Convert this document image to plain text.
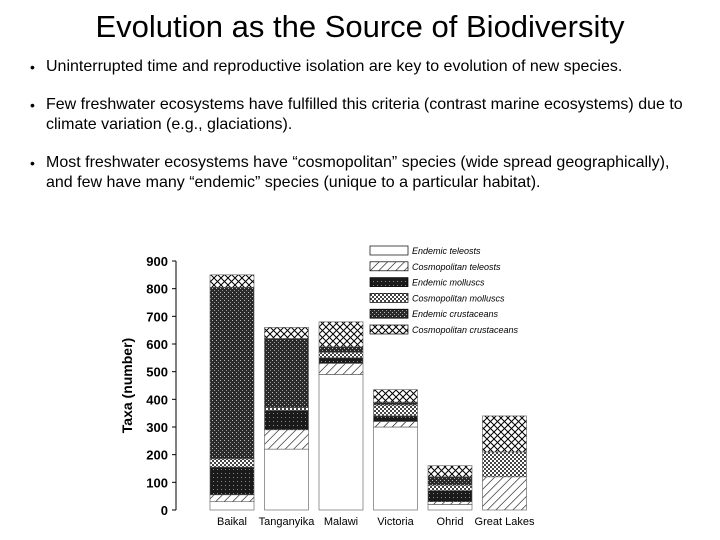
Evolution as the Source of Biodiversity
• Uninterrupted time and reproductive isolation are key to evolution of new species.
• Few freshwater ecosystems have fulfilled this criteria (contrast marine ecosystems) due to climate variation (e.g., glaciations).
• Most freshwater ecosystems have “cosmopolitan” species (wide spread geographically), and few have many “endemic” species (unique to a particular habitat).
0
100
200
300
400
500
600
700
800
900
Taxa (number)
Baikal Tanganyika Malawi Victoria Ohrid Great Lakes
Endemic teleosts
Cosmopolitan teleosts
Endemic molluscs
Cosmopolitan molluscs
Endemic crustaceans
Cosmopolitan crustaceans
